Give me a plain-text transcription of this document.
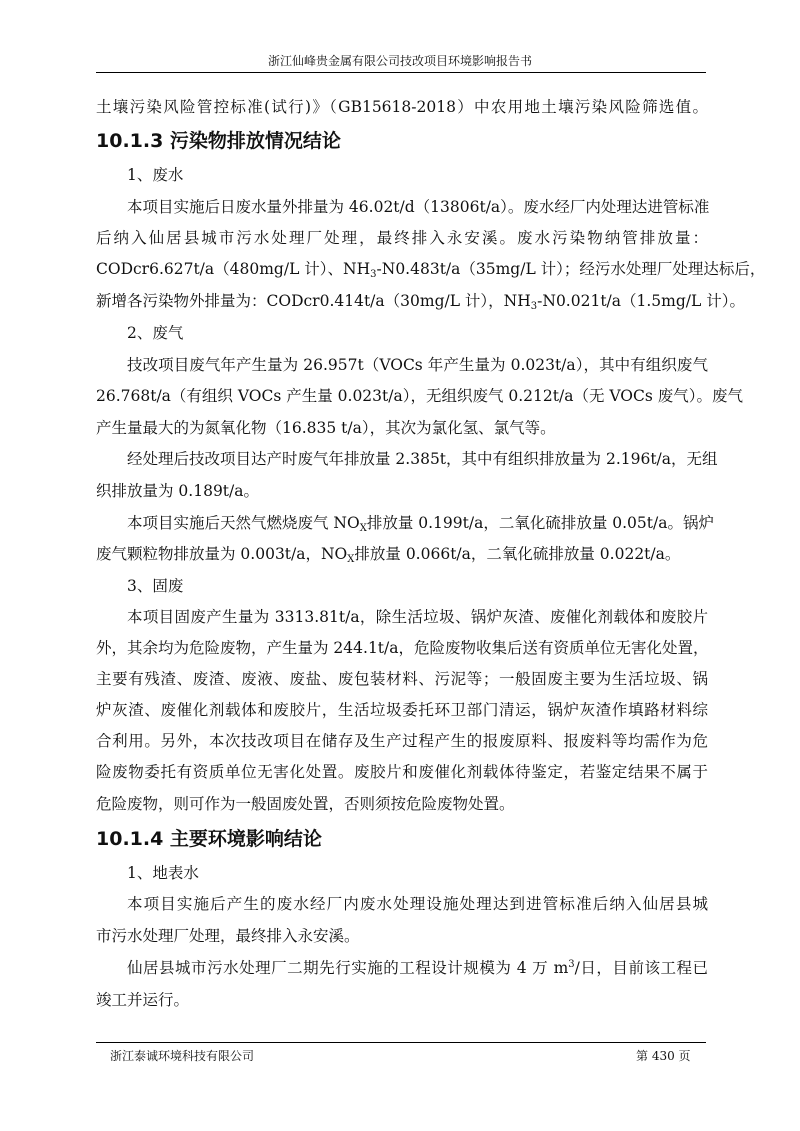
浙江仙峰贵金属有限公司技改项目环境影响报告书
土壤污染风险管控标准(试行)》（GB15618-2018）中农用地土壤污染风险筛选值。
10.1.3 污染物排放情况结论
1、废水
本项目实施后日废水量外排量为 46.02t/d（13806t/a）。废水经厂内处理达进管标准
后纳入仙居县城市污水处理厂处理，最终排入永安溪。废水污染物纳管排放量：
CODcr6.627t/a（480mg/L 计）、$NH_3-N0.483t/a(35mg/L$ 计）；经污水处理厂处理达标后，
新增各污染物外排量为：CODcr0.414t/a（30mg/L 计），$NH_3-N0.021t/a(1.5mg/L$ 计）。
2、废气
技改项目废气年产生量为 26.957t（VOCs 年产生量为 0.023t/a），其中有组织废气
26.768t/a（有组织 VOCs 产生量 0.023t/a），无组织废气 0.212t/a（无 VOCs 废气）。废气
产生量最大的为氮氧化物（16.835 t/a），其次为氯化氢、氯气等。
经处理后技改项目达产时废气年排放量 2.385t，其中有组织排放量为 2.196t/a，无组
织排放量为 0.189t/a。
本项目实施后天然气燃烧废气 $NO_X$排放量 0.199t/a，二氧化硫排放量 0.05t/a。锅炉
废气颗粒物排放量为 0.003t/a，$NO_X$排放量 0.066t/a，二氧化硫排放量 0.022t/a。
3、固废
本项目固废产生量为 3313.81t/a，除生活垃圾、锅炉灰渣、废催化剂载体和废胶片
外，其余均为危险废物，产生量为 244.1t/a，危险废物收集后送有资质单位无害化处置，
主要有残渣、废渣、废液、废盐、废包装材料、污泥等；一般固废主要为生活垃圾、锅
炉灰渣、废催化剂载体和废胶片，生活垃圾委托环卫部门清运，锅炉灰渣作填路材料综
合利用。另外，本次技改项目在储存及生产过程产生的报废原料、报废料等均需作为危
险废物委托有资质单位无害化处置。废胶片和废催化剂载体待鉴定，若鉴定结果不属于
危险废物，则可作为一般固废处置，否则须按危险废物处置。
10.1.4 主要环境影响结论
1、地表水
本项目实施后产生的废水经厂内废水处理设施处理达到进管标准后纳入仙居县城
市污水处理厂处理，最终排入永安溪。
仙居县城市污水处理厂二期先行实施的工程设计规模为 4 万 $m^3/$日，目前该工程已
竣工并运行。
浙江泰诚环境科技有限公司	第 430 页
